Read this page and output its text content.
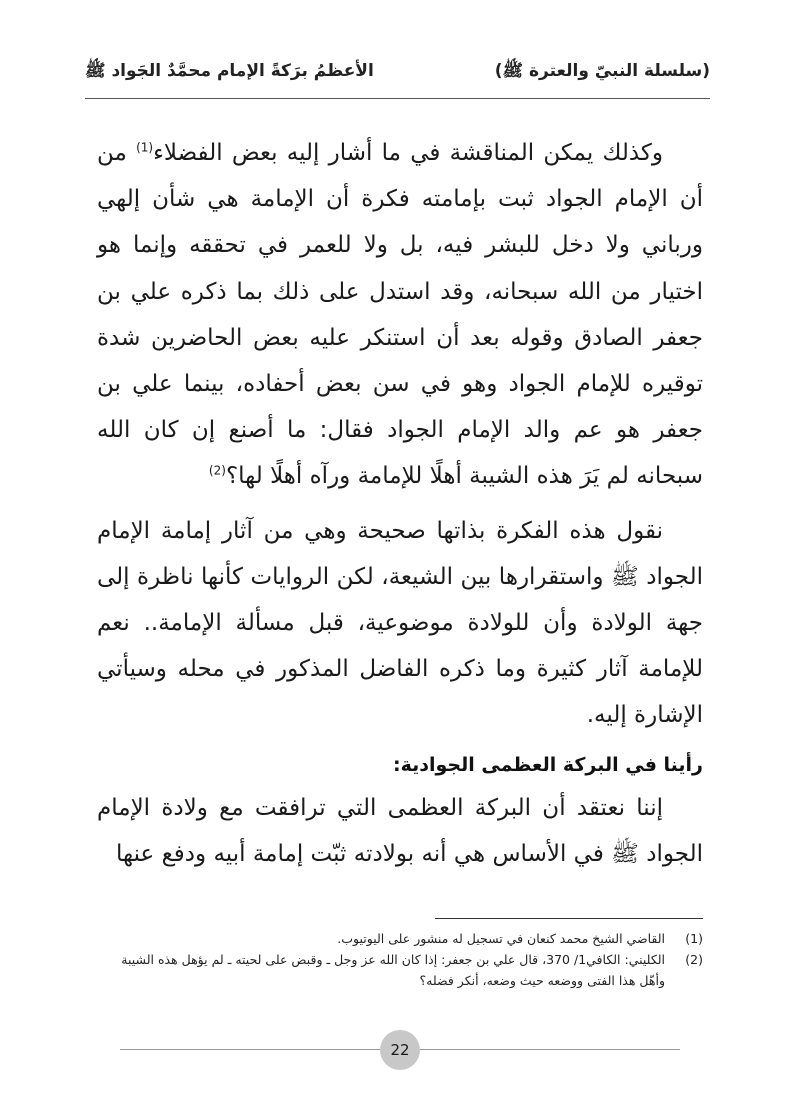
(سلسلة النبيّ والعترة ﷺ)
الأعظمُ برَكةً الإمام محمَّدٌ الجَواد ﷺ

وكذلك يمكن المناقشة في ما أشار إليه بعض الفضلاء$^{(1)}$ من أن الإمام الجواد ثبت بإمامته فكرة أن الإمامة هي شأن إلهي ورباني ولا دخل للبشر فيه، بل ولا للعمر في تحققه وإنما هو اختيار من الله سبحانه، وقد استدل على ذلك بما ذكره علي بن جعفر الصادق وقوله بعد أن استنكر عليه بعض الحاضرين شدة توقيره للإمام الجواد وهو في سن بعض أحفاده، بينما علي بن جعفر هو عم والد الإمام الجواد فقال: ما أصنع إن كان الله سبحانه لم يَرَ هذه الشيبة أهلًا للإمامة ورآه أهلًا لها؟$^{(2)}$

نقول هذه الفكرة بذاتها صحيحة وهي من آثار إمامة الإمام الجواد ﷺ واستقرارها بين الشيعة، لكن الروايات كأنها ناظرة إلى جهة الولادة وأن للولادة موضوعية، قبل مسألة الإمامة.. نعم للإمامة آثار كثيرة وما ذكره الفاضل المذكور في محله وسيأتي الإشارة إليه.

رأينا في البركة العظمى الجوادية:

إننا نعتقد أن البركة العظمى التي ترافقت مع ولادة الإمام الجواد ﷺ في الأساس هي أنه بولادته ثبّت إمامة أبيه ودفع عنها

(1)
القاضي الشيخ محمد كنعان في تسجيل له منشور على اليوتيوب.
(2)
الكليني: الكافي1/ 370، قال علي بن جعفر: إذا كان الله عز وجل ـ وقبض على لحيته ـ لم يؤهل هذه الشيبة وأهّل هذا الفتى ووضعه حيث وضعه، أنكر فضله؟
22
